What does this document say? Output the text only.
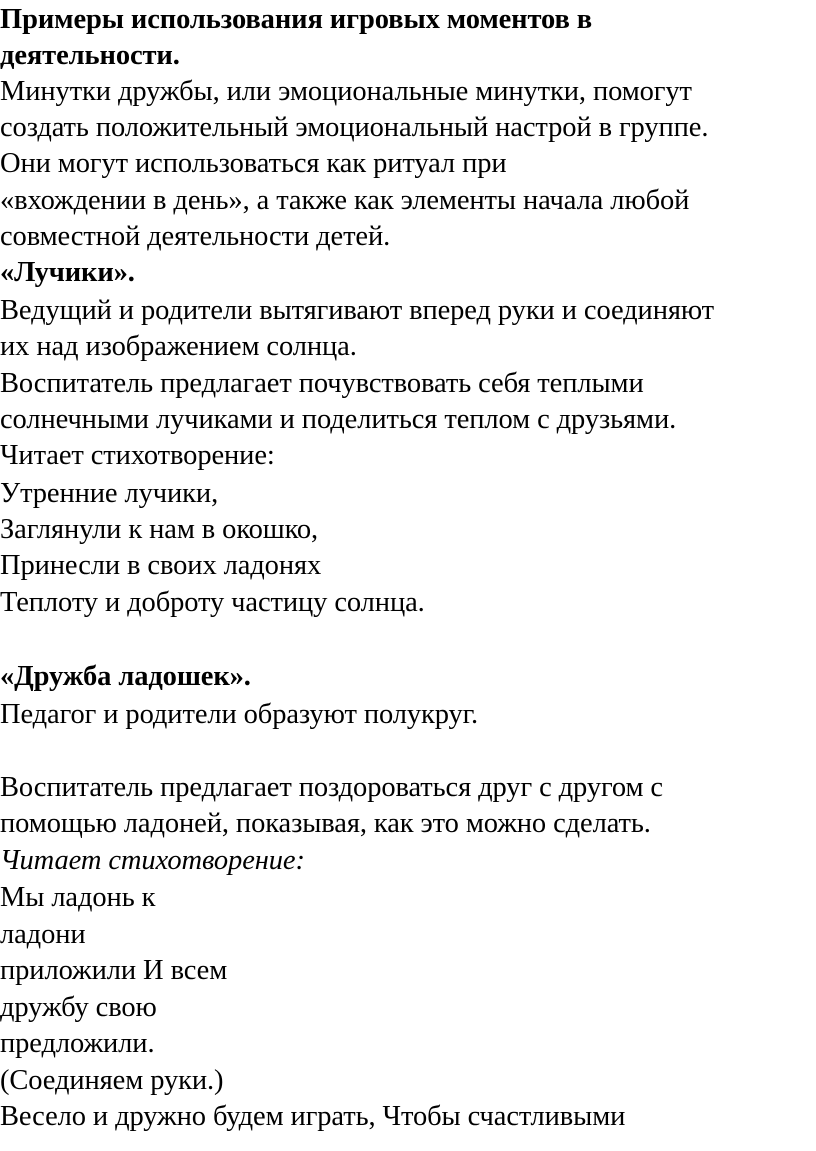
Примеры использования игровых моментов в

деятельности.

Минутки дружбы, или эмоциональные минутки, помогут

создать положительный эмоциональный настрой в группе.

Они могут использоваться как ритуал при

«вхождении в день», а также как элементы начала любой

совместной деятельности детей.

«Лучики».

Ведущий и родители вытягивают вперед руки и соединяют

их над изображением солнца.

Воспитатель предлагает почувствовать себя теплыми

солнечными лучиками и поделиться теплом с друзьями.

Читает стихотворение:

Утренние лучики,

Заглянули к нам в окошко,

Принесли в своих ладонях

Теплоту и доброту частицу солнца.

«Дружба ладошек».

Педагог и родители образуют полукруг.

Воспитатель предлагает поздороваться друг с другом с

помощью ладоней, показывая, как это можно сделать.

Читает стихотворение:

Мы ладонь к

ладони

приложили И всем

дружбу свою

предложили.

(Соединяем руки.)

Весело и дружно будем играть, Чтобы счастливыми
